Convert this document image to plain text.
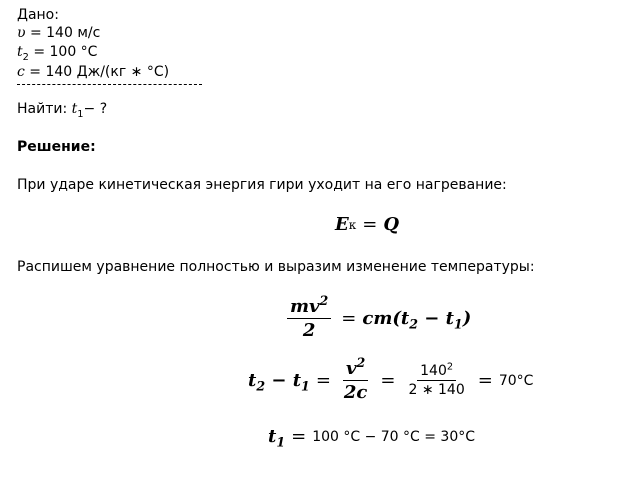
Дано:
υ = 140 м/с
$t_2 = 100$ °C
c = 140 Дж/(кг ∗ °C)
Найти: $t_1-$ ?
Решение:
При ударе кинетическая энергия гири уходит на его нагревание:
E к = Q
Распишем уравнение полностью и выразим изменение температуры:
$\frac{mv^2}{2} = cm(t_2 - t_1)$
$t_2 - t_1 = \frac{v^2}{2c} = \frac{140^2}{2 ∗ 140} = 70^\circ C$
$t_1 = 100$ °C − 70 °C = 30°C
